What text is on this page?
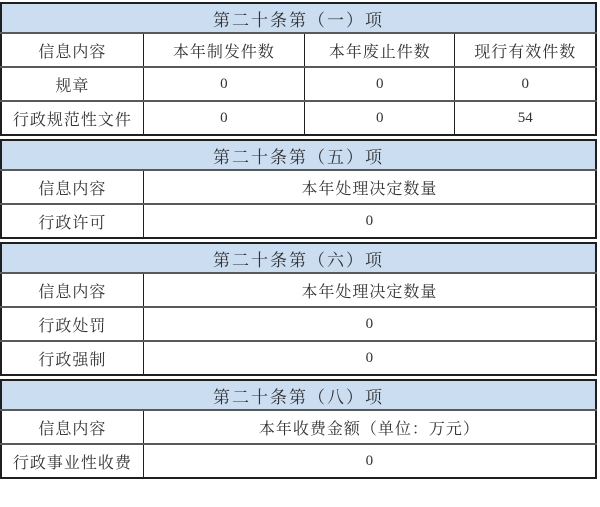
第二十条第（一）项			
信息内容	本年制发件数	本年废止件数	现行有效件数
规章	0	0	0
行政规范性文件	0	0	54
第二十条第（五）项	
信息内容	本年处理决定数量
行政许可	0
第二十条第（六）项	
信息内容	本年处理决定数量
行政处罚	0
行政强制	0
第二十条第（八）项	
信息内容	本年收费金额（单位：万元）
行政事业性收费	0
